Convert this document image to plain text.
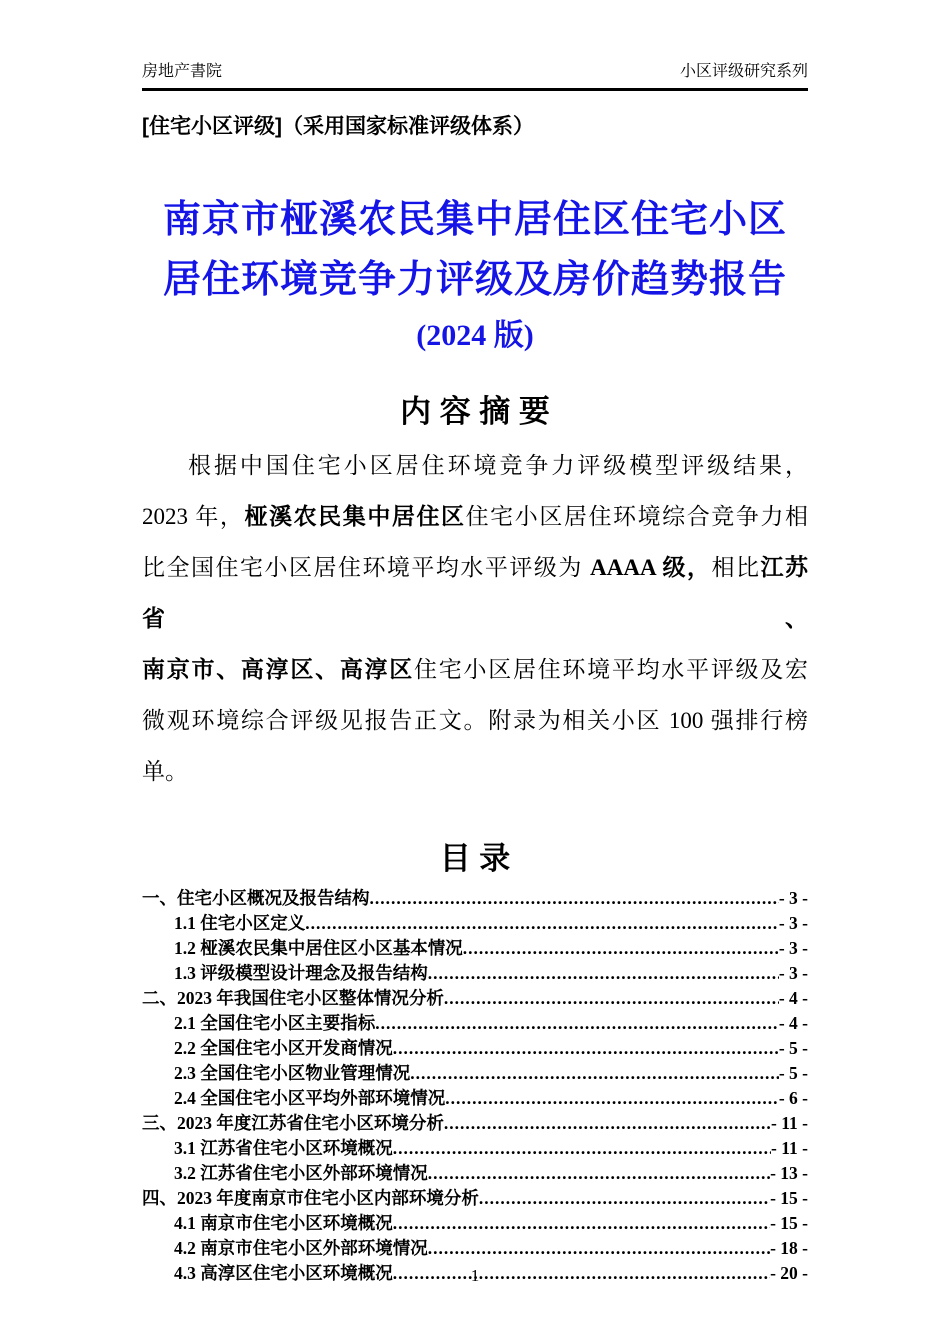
房地产書院	小区评级研究系列
[住宅小区评级]（采用国家标准评级体系）
南京市桠溪农民集中居住区住宅小区
居住环境竞争力评级及房价趋势报告
(2024 版)
内 容 摘 要
根据中国住宅小区居住环境竞争力评级模型评级结果，
2023 年，桠溪农民集中居住区住宅小区居住环境综合竞争力相
比全国住宅小区居住环境平均水平评级为 AAAA 级，相比江苏省、
南京市、高淳区、高淳区住宅小区居住环境平均水平评级及宏
微观环境综合评级见报告正文。附录为相关小区 100 强排行榜
单。
目 录
一、住宅小区概况及报告结构 .....	- 3 -
1.1 住宅小区定义 .....	- 3 -
1.2 桠溪农民集中居住区小区基本情况 .....	- 3 -
1.3 评级模型设计理念及报告结构 .....	- 3 -
二、2023 年我国住宅小区整体情况分析 .....	- 4 -
2.1 全国住宅小区主要指标 .....	- 4 -
2.2 全国住宅小区开发商情况 .....	- 5 -
2.3 全国住宅小区物业管理情况 .....	- 5 -
2.4 全国住宅小区平均外部环境情况 .....	- 6 -
三、2023 年度江苏省住宅小区环境分析 .....	- 11 -
3.1 江苏省住宅小区环境概况 .....	- 11 -
3.2 江苏省住宅小区外部环境情况 .....	- 13 -
四、2023 年度南京市住宅小区内部环境分析 .....	- 15 -
4.1 南京市住宅小区环境概况 .....	- 15 -
4.2 南京市住宅小区外部环境情况 .....	- 18 -
4.3 高淳区住宅小区环境概况 .....	- 20 -
1
